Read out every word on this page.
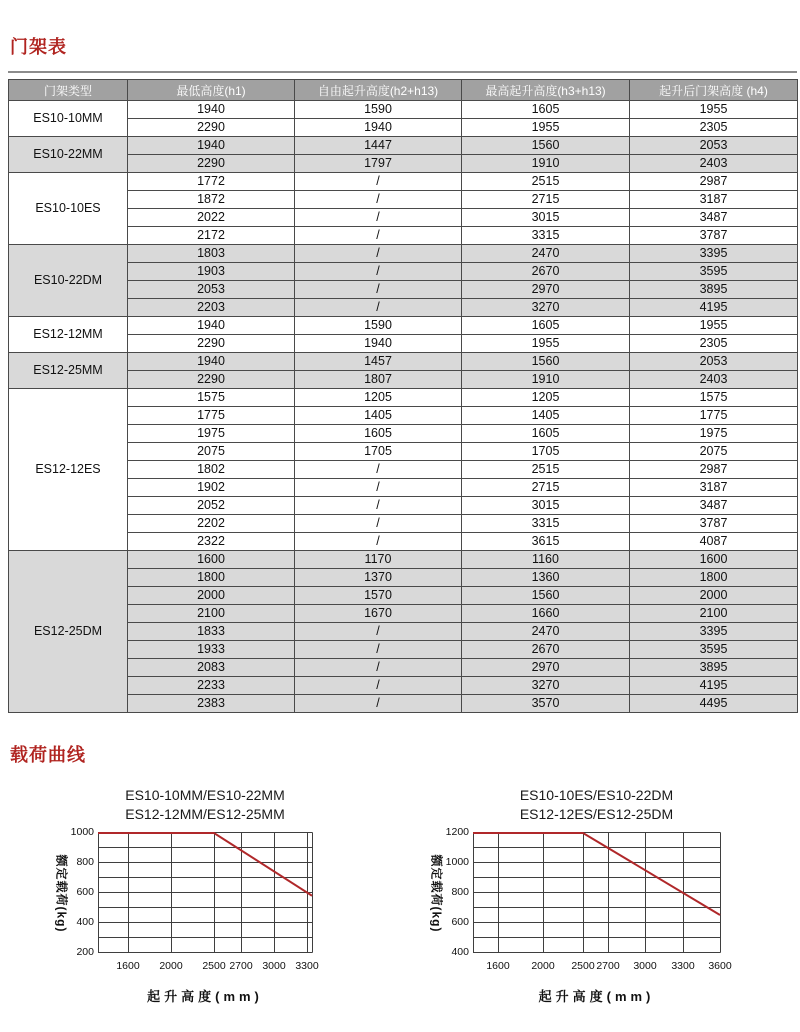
门架表
门架类型	最低高度(h1)	自由起升高度(h2+h13)	最高起升高度(h3+h13)	起升后门架高度 (h4)
ES10-10MM	1940	1590	1605	1955
	2290	1940	1955	2305
ES10-22MM	1940	1447	1560	2053
	2290	1797	1910	2403
ES10-10ES	1772	/	2515	2987
	1872	/	2715	3187
	2022	/	3015	3487
	2172	/	3315	3787
ES10-22DM	1803	/	2470	3395
	1903	/	2670	3595
	2053	/	2970	3895
	2203	/	3270	4195
ES12-12MM	1940	1590	1605	1955
	2290	1940	1955	2305
ES12-25MM	1940	1457	1560	2053
	2290	1807	1910	2403
ES12-12ES	1575	1205	1205	1575
	1775	1405	1405	1775
	1975	1605	1605	1975
	2075	1705	1705	2075
	1802	/	2515	2987
	1902	/	2715	3187
	2052	/	3015	3487
	2202	/	3315	3787
	2322	/	3615	4087
ES12-25DM	1600	1170	1160	1600
	1800	1370	1360	1800
	2000	1570	1560	2000
	2100	1670	1660	2100
	1833	/	2470	3395
	1933	/	2670	3595
	2083	/	2970	3895
	2233	/	3270	4195
	2383	/	3570	4495
载荷曲线
ES10-10MM/ES10-22MM
ES12-12MM/ES12-25MM
1000
800
600
400
200
1600	2000	2500 2700 3000 3300
起升高度(mm)
额定载荷(kg)
ES10-10ES/ES10-22DM
ES12-12ES/ES12-25DM
1200
1000
800
600
400
1600	2000	2500 2700	3000	3300	3600
起升高度(mm)
额定载荷(kg)
